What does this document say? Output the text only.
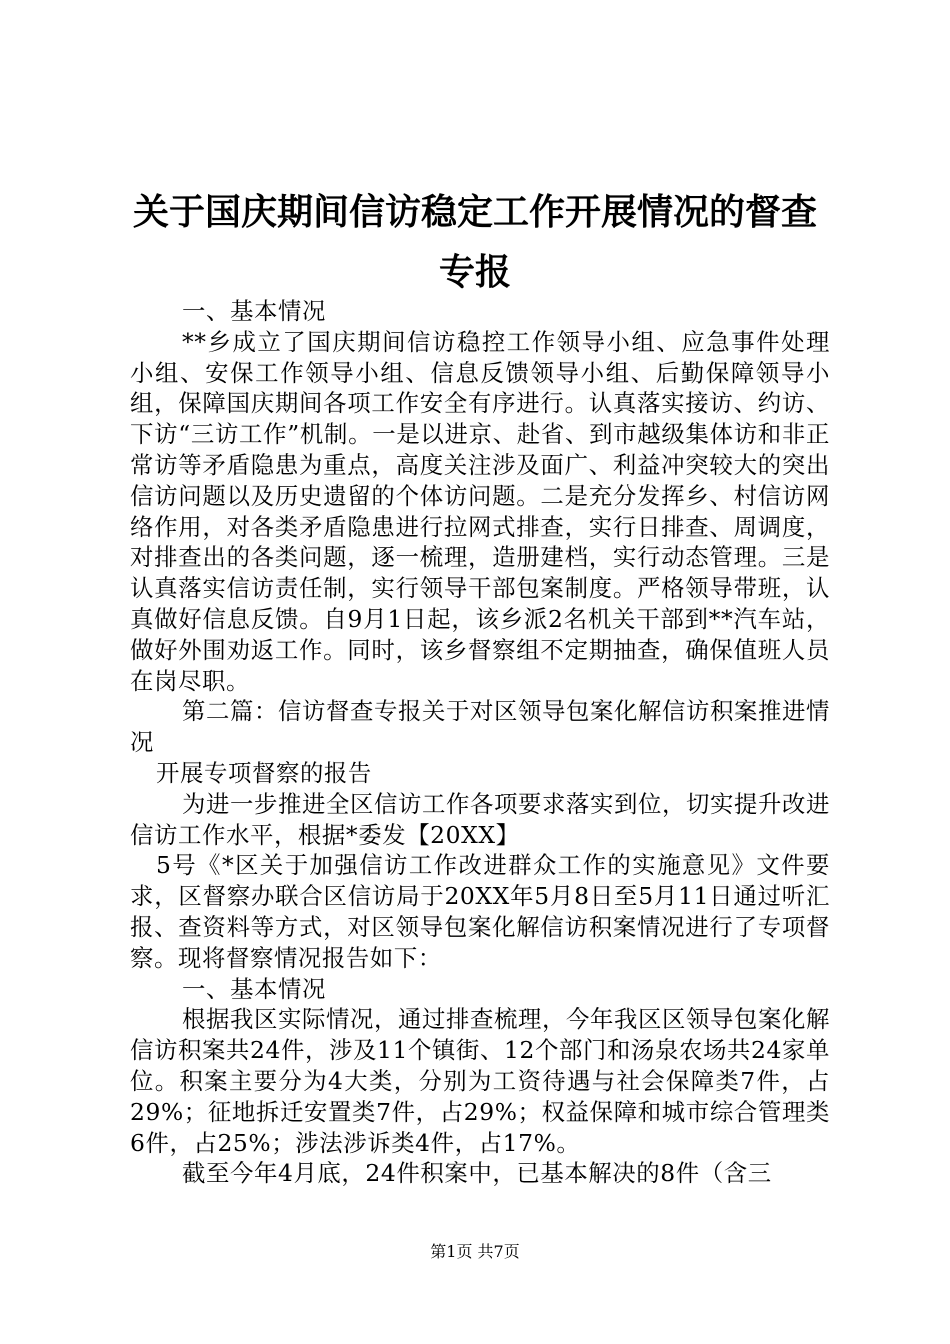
关于国庆期间信访稳定工作开展情况的督查专报

一、基本情况

**乡成立了国庆期间信访稳控工作领导小组、应急事件处理小组、安保工作领导小组、信息反馈领导小组、后勤保障领导小组，保障国庆期间各项工作安全有序进行。认真落实接访、约访、下访“三访工作”机制。一是以进京、赴省、到市越级集体访和非正常访等矛盾隐患为重点，高度关注涉及面广、利益冲突较大的突出信访问题以及历史遗留的个体访问题。二是充分发挥乡、村信访网络作用，对各类矛盾隐患进行拉网式排查，实行日排查、周调度，对排查出的各类问题，逐一梳理，造册建档，实行动态管理。三是认真落实信访责任制，实行领导干部包案制度。严格领导带班，认真做好信息反馈。自9月1日起，该乡派2名机关干部到**汽车站，做好外围劝返工作。同时，该乡督察组不定期抽查，确保值班人员在岗尽职。

第二篇：信访督查专报关于对区领导包案化解信访积案推进情况

开展专项督察的报告

为进一步推进全区信访工作各项要求落实到位，切实提升改进信访工作水平，根据*委发【20XX】

5号《*区关于加强信访工作改进群众工作的实施意见》文件要求，区督察办联合区信访局于20XX年5月8日至5月11日通过听汇报、查资料等方式，对区领导包案化解信访积案情况进行了专项督察。现将督察情况报告如下：

一、基本情况

根据我区实际情况，通过排查梳理，今年我区区领导包案化解信访积案共24件，涉及11个镇街、12个部门和汤泉农场共24家单位。积案主要分为4大类，分别为工资待遇与社会保障类7件，占29%；征地拆迁安置类7件，占29%；权益保障和城市综合管理类6件，占25%；涉法涉诉类4件，占17%。

截至今年4月底，24件积案中，已基本解决的8件（含三

第1页 共7页
